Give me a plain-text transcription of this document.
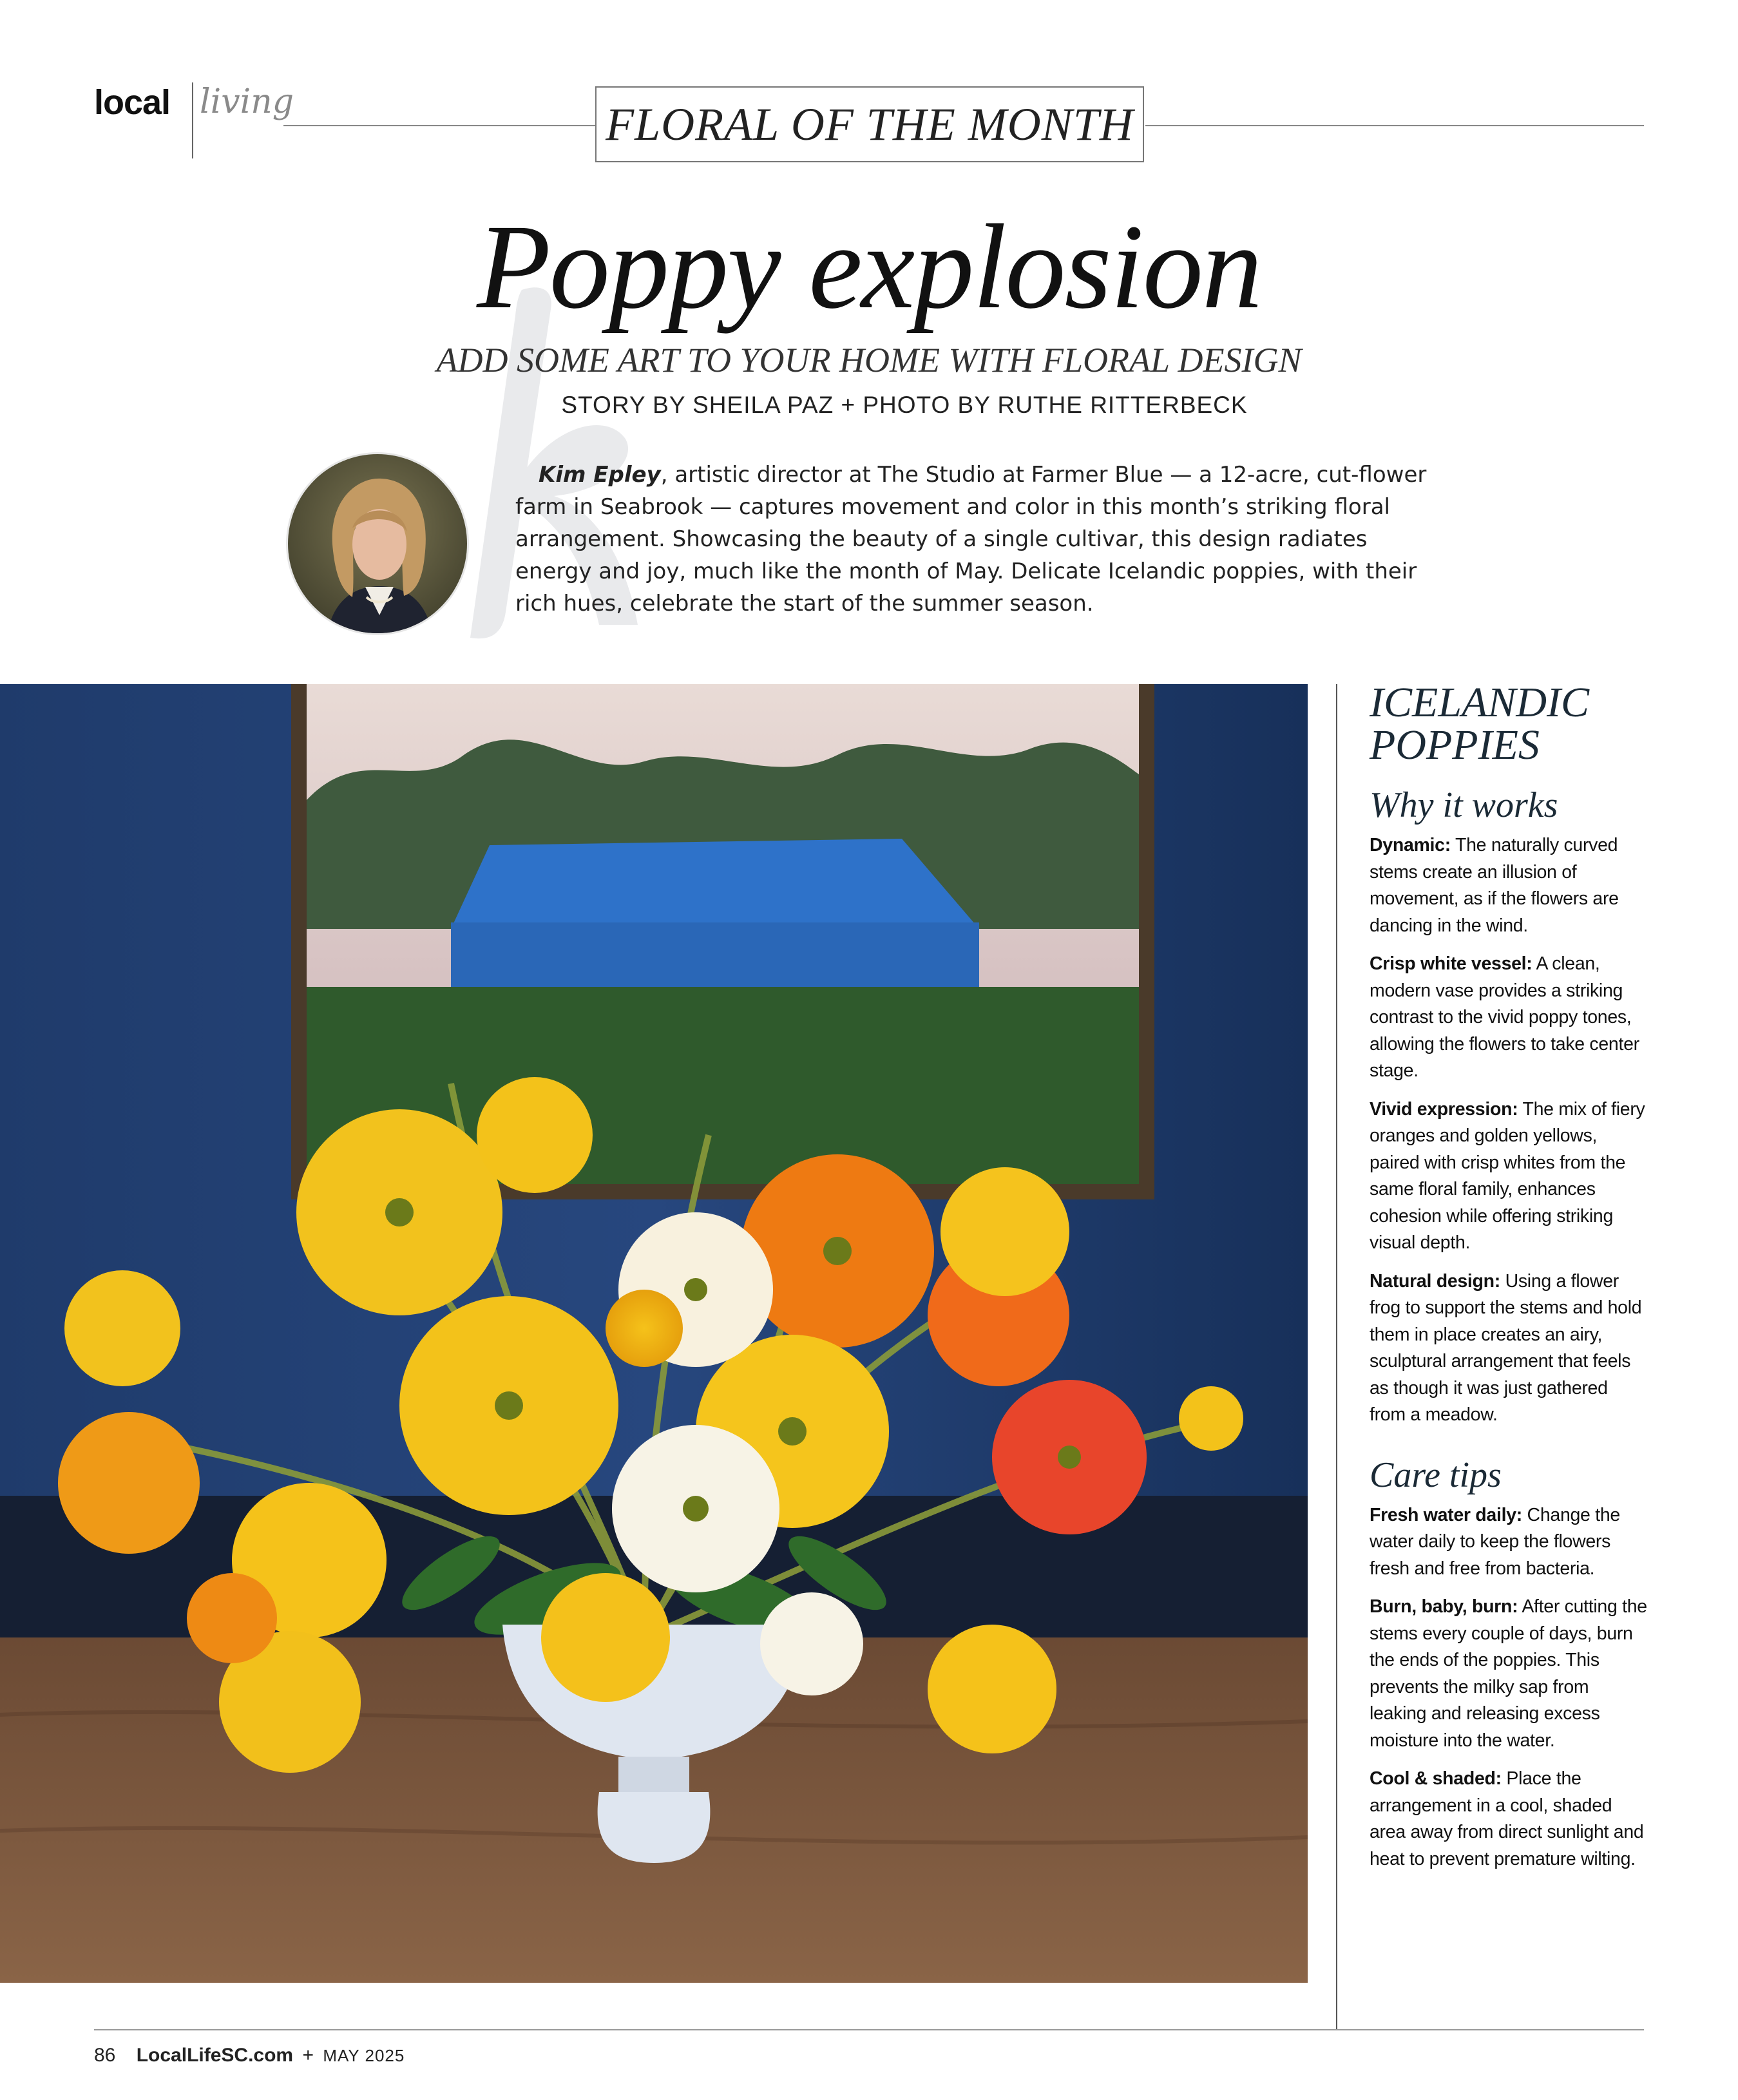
local living	FLORAL OF THE MONTH
Poppy explosion
ADD SOME ART TO YOUR HOME WITH FLORAL DESIGN
STORY BY SHEILA PAZ + PHOTO BY RUTHE RITTERBECK
Kim Epley, artistic director at The Studio at Farmer Blue — a 12-acre, cut-flower farm in Seabrook — captures movement and color in this month’s striking floral arrangement. Showcasing the beauty of a single cultivar, this design radiates energy and joy, much like the month of May. Delicate Icelandic poppies, with their rich hues, celebrate the start of the summer season.
ICELANDIC
POPPIES
Why it works
Dynamic: The naturally curved stems create an illusion of movement, as if the flowers are dancing in the wind.
Crisp white vessel: A clean, modern vase provides a striking contrast to the vivid poppy tones, allowing the flowers to take center stage.
Vivid expression: The mix of fiery oranges and golden yellows, paired with crisp whites from the same floral family, enhances cohesion while offering striking visual depth.
Natural design: Using a flower frog to support the stems and hold them in place creates an airy, sculptural arrangement that feels as though it was just gathered from a meadow.
Care tips
Fresh water daily: Change the water daily to keep the flowers fresh and free from bacteria.
Burn, baby, burn: After cutting the stems every couple of days, burn the ends of the poppies. This prevents the milky sap from leaking and releasing excess moisture into the water.
Cool & shaded: Place the arrangement in a cool, shaded area away from direct sunlight and heat to prevent premature wilting.
86 LocalLifeSC.com + MAY 2025
